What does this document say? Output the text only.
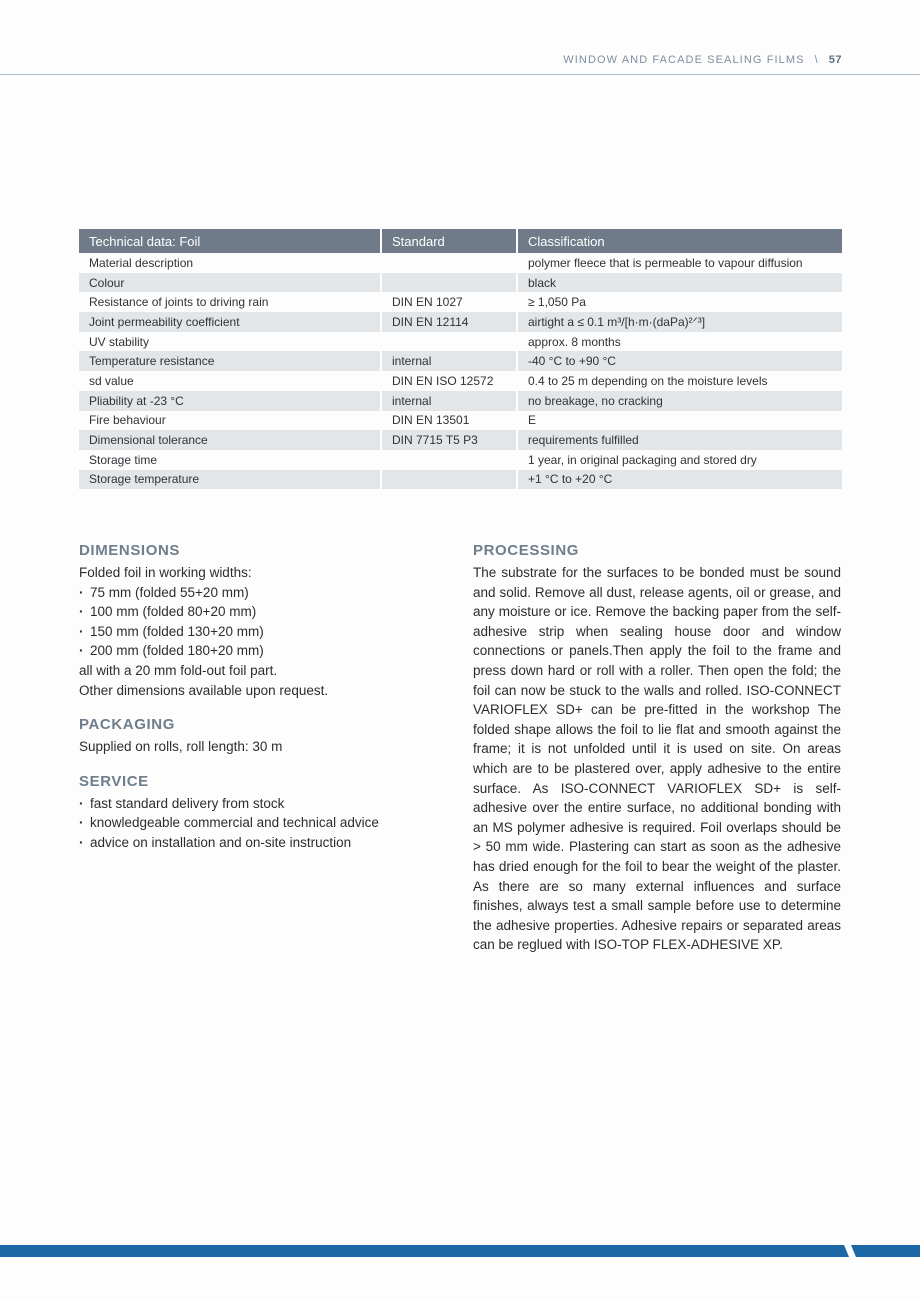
WINDOW AND FACADE SEALING FILMS \ 57
Technical data: Foil	Standard	Classification
Material description		polymer fleece that is permeable to vapour diffusion
Colour		black
Resistance of joints to driving rain	DIN EN 1027	≥ 1,050 Pa
Joint permeability coefficient	DIN EN 12114	airtight a ≤ 0.1 m³/[h·m·(daPa)²ᐟ³]
UV stability		approx. 8 months
Temperature resistance	internal	-40 °C to +90 °C
sd value	DIN EN ISO 12572	0.4 to 25 m depending on the moisture levels
Pliability at -23 °C	internal	no breakage, no cracking
Fire behaviour	DIN EN 13501	E
Dimensional tolerance	DIN 7715 T5 P3	requirements fulfilled
Storage time		1 year, in original packaging and stored dry
Storage temperature		+1 °C to +20 °C
DIMENSIONS

Folded foil in working widths:

· 75 mm (folded 55+20 mm)
· 100 mm (folded 80+20 mm)
· 150 mm (folded 130+20 mm)
· 200 mm (folded 180+20 mm)

all with a 20 mm fold-out foil part.

Other dimensions available upon request.

PACKAGING

Supplied on rolls, roll length: 30 m

SERVICE
· fast standard delivery from stock
· knowledgeable commercial and technical advice
· advice on installation and on-site instruction
PROCESSING

The substrate for the surfaces to be bonded must be sound and solid. Remove all dust, release agents, oil or grease, and any moisture or ice. Remove the backing paper from the self-adhesive strip when sealing house door and window connections or panels.Then apply the foil to the frame and press down hard or roll with a roller. Then open the fold; the foil can now be stuck to the walls and rolled. ISO-CONNECT VARIOFLEX SD+ can be pre-fitted in the workshop The folded shape allows the foil to lie flat and smooth against the frame; it is not unfolded until it is used on site. On areas which are to be plastered over, apply adhesive to the entire surface. As ISO-CONNECT VARIOFLEX SD+ is self-adhesive over the entire surface, no additional bonding with an MS polymer adhesive is required. Foil overlaps should be > 50 mm wide. Plastering can start as soon as the adhesive has dried enough for the foil to bear the weight of the plaster. As there are so many external influences and surface finishes, always test a small sample before use to determine the adhesive properties. Adhesive repairs or separated areas can be reglued with ISO-TOP FLEX-ADHESIVE XP.
